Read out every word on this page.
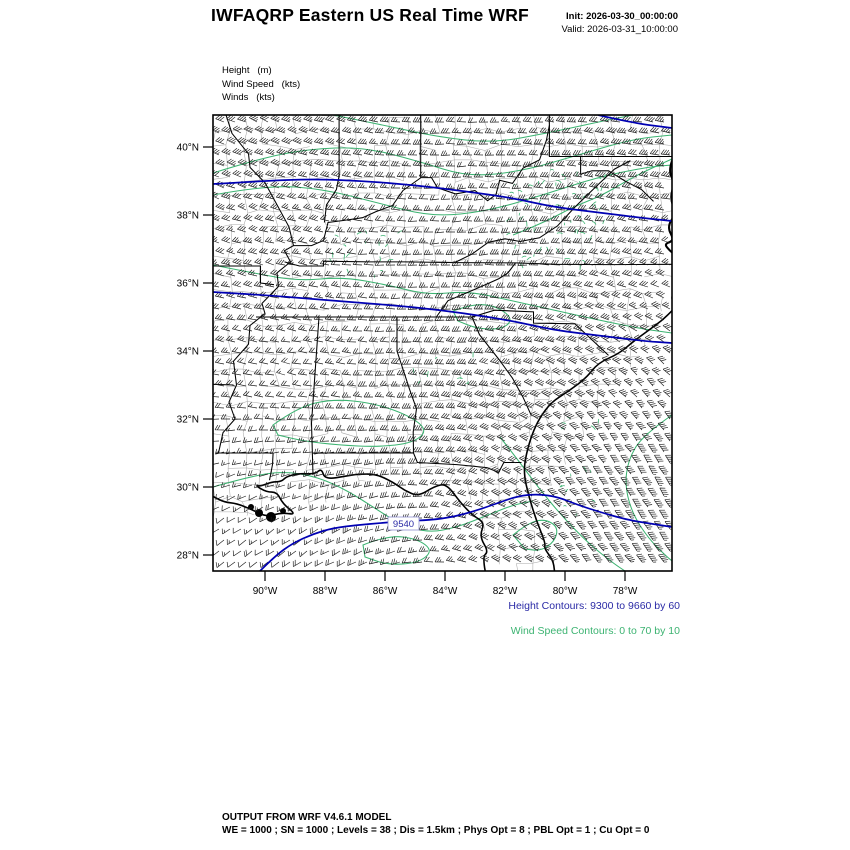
IWFAQRP Eastern US Real Time WRF	Init: 2026-03-30_00:00:00
Valid: 2026-03-31_10:00:00
Height   (m)
Wind Speed   (kts)
Winds   (kts)
9540
40°N
38°N
36°N
34°N
32°N
30°N
28°N
90°W	88°W	86°W	84°W	82°W	80°W	78°W
Height Contours: 9300 to 9660 by 60
Wind Speed Contours: 0 to 70 by 10
OUTPUT FROM WRF V4.6.1 MODEL
WE = 1000 ; SN = 1000 ; Levels = 38 ; Dis = 1.5km ; Phys Opt = 8 ; PBL Opt = 1 ; Cu Opt = 0
